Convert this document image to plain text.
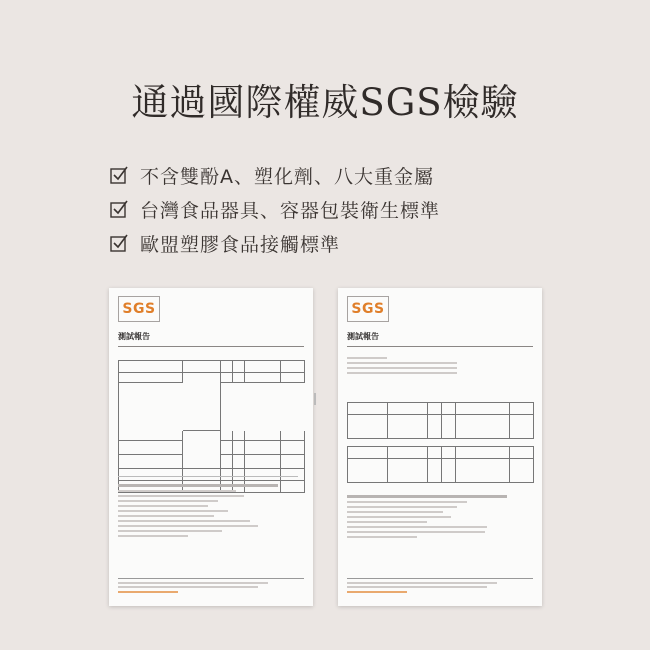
通過國際權威SGS檢驗
不含雙酚A、塑化劑、八大重金屬
台灣食品器具、容器包裝衛生標準
歐盟塑膠食品接觸標準
SGS
測試報告
SGS
測試報告
